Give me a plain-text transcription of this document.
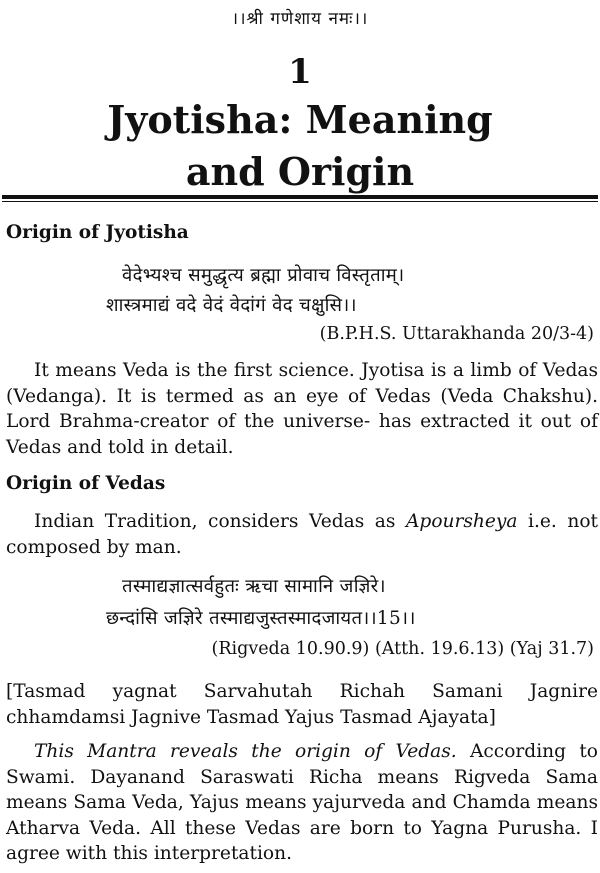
।।श्री गणेशाय नमः।।
1
Jyotisha: Meaning
and Origin
Origin of Jyotisha
वेदेभ्यश्च समुद्धृत्य ब्रह्मा प्रोवाच विस्तृताम्।
शास्त्रमाद्यं वदे वेदं वेदांगं वेद चक्षुसि।।
(B.P.H.S. Uttarakhanda 20/3-4)
It means Veda is the first science. Jyotisa is a limb of Vedas (Vedanga). It is termed as an eye of Vedas (Veda Chakshu). Lord Brahma-creator of the universe- has extracted it out of Vedas and told in detail.
Origin of Vedas
Indian Tradition, considers Vedas as Apoursheya i.e. not composed by man.
तस्माद्यज्ञात्सर्वहुतः ऋचा सामानि जज्ञिरे।
छन्दांसि जज्ञिरे तस्माद्यजुस्तस्मादजायत।।15।।
(Rigveda 10.90.9) (Atth. 19.6.13) (Yaj 31.7)
[Tasmad yagnat Sarvahutah Richah Samani Jagnire chhamdamsi Jagnive Tasmad Yajus Tasmad Ajayata]
This Mantra reveals the origin of Vedas. According to Swami. Dayanand Saraswati Richa means Rigveda Sama means Sama Veda, Yajus means yajurveda and Chamda means Atharva Veda. All these Vedas are born to Yagna Purusha. I agree with this interpretation.
